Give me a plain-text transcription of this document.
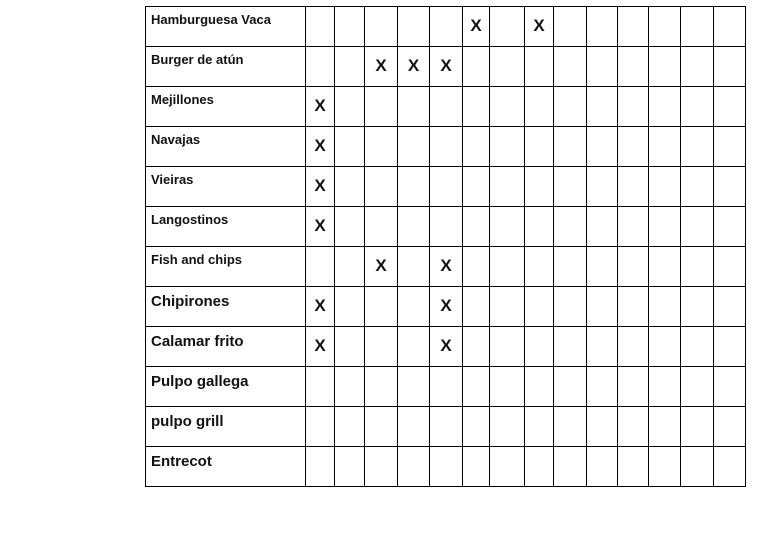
Hamburguesa Vaca						X		X						

Burger de atún			X	X	X									

Mejillones	X													

Navajas	X													

Vieiras	X													

Langostinos	X													

Fish and chips			X		X									

Chipirones	X				X									

Calamar frito	X				X									

Pulpo gallega														

pulpo grill														

Entrecot														
